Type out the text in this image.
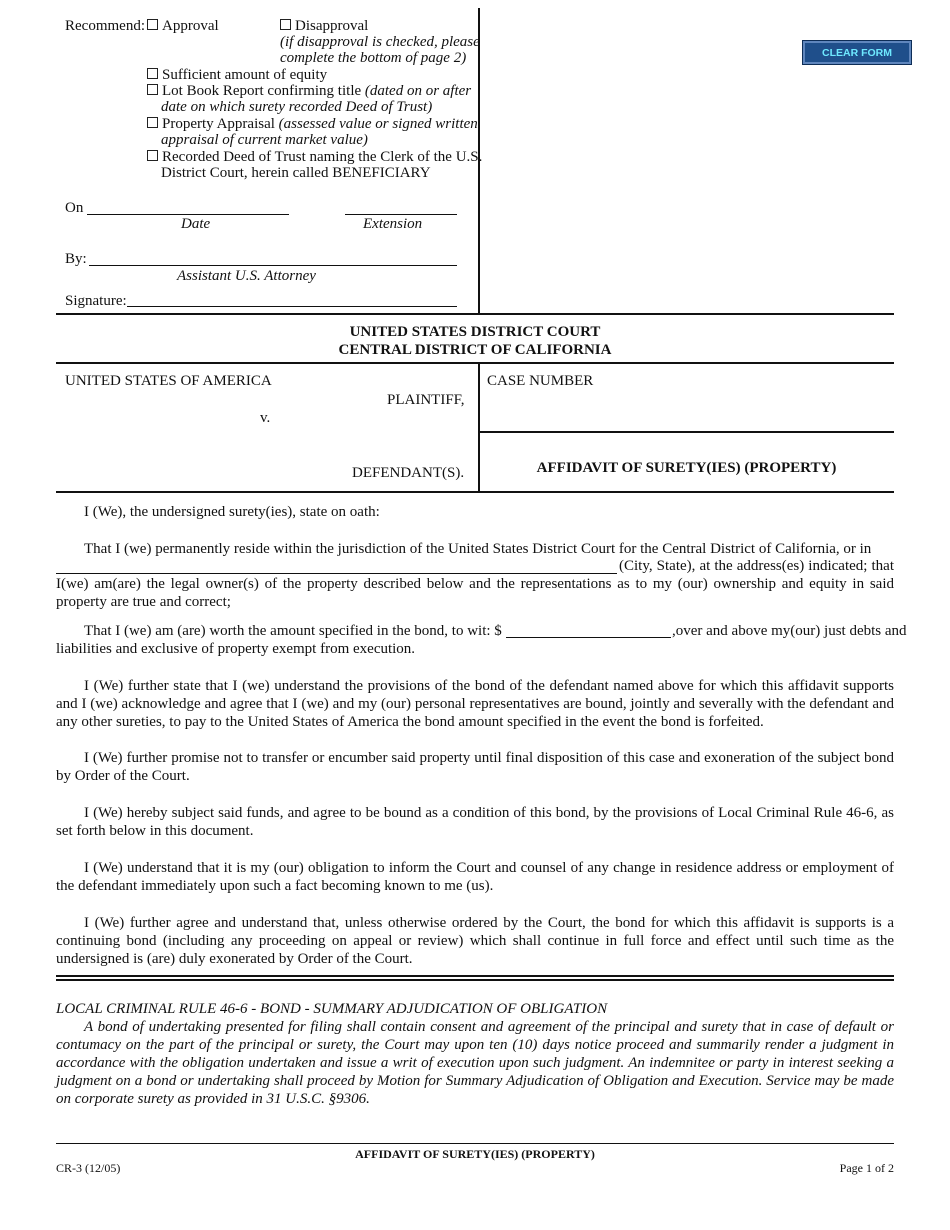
CLEAR FORM
Recommend:	Approval	Disapproval
(if disapproval is checked, please
complete the bottom of page 2)
Sufficient amount of equity
Lot Book Report confirming title (dated on or after
date on which surety recorded Deed of Trust)
Property Appraisal (assessed value or signed written
appraisal of current market value)
Recorded Deed of Trust naming the Clerk of the U.S.
District Court, herein called BENEFICIARY
On
Date	Extension
By:
Assistant U.S. Attorney
Signature:
UNITED STATES DISTRICT COURT
CENTRAL DISTRICT OF CALIFORNIA
UNITED STATES OF AMERICA
PLAINTIFF,
v.
DEFENDANT(S).
CASE NUMBER
AFFIDAVIT OF SURETY(IES) (PROPERTY)
I (We), the undersigned surety(ies), state on oath:
That I (we) permanently reside within the jurisdiction of the United States District Court for the Central District of California, or in
(City, State), at the address(es) indicated; that

I(we) am(are) the legal owner(s) of the property described below and the representations as to my (our) ownership and equity in said property are true and correct;

That I (we) am (are) worth the amount specified in the bond, to wit: $	,over and above my(our) just debts and
liabilities and exclusive of property exempt from execution.

I (We) further state that I (we) understand the provisions of the bond of the defendant named above for which this affidavit supports and I (we) acknowledge and agree that I (we) and my (our) personal representatives are bound, jointly and severally with the defendant and any other sureties, to pay to the United States of America the bond amount specified in the event the bond is forfeited.

I (We) further promise not to transfer or encumber said property until final disposition of this case and exoneration of the subject bond by Order of the Court.

I (We) hereby subject said funds, and agree to be bound as a condition of this bond, by the provisions of Local Criminal Rule 46-6, as set forth below in this document.

I (We) understand that it is my (our) obligation to inform the Court and counsel of any change in residence address or employment of the defendant immediately upon such a fact becoming known to me (us).

I (We) further agree and understand that, unless otherwise ordered by the Court, the bond for which this affidavit is supports is a continuing bond (including any proceeding on appeal or review) which shall continue in full force and effect until such time as the undersigned is (are) duly exonerated by Order of the Court.

LOCAL CRIMINAL RULE 46-6 - BOND - SUMMARY ADJUDICATION OF OBLIGATION

A bond of undertaking presented for filing shall contain consent and agreement of the principal and surety that in case of default or contumacy on the part of the principal or surety, the Court may upon ten (10) days notice proceed and summarily render a judgment in accordance with the obligation undertaken and issue a writ of execution upon such judgment. An indemnitee or party in interest seeking a judgment on a bond or undertaking shall proceed by Motion for Summary Adjudication of Obligation and Execution. Service may be made on corporate surety as provided in 31 U.S.C. §9306.

AFFIDAVIT OF SURETY(IES) (PROPERTY)
CR-3 (12/05)	Page 1 of 2
